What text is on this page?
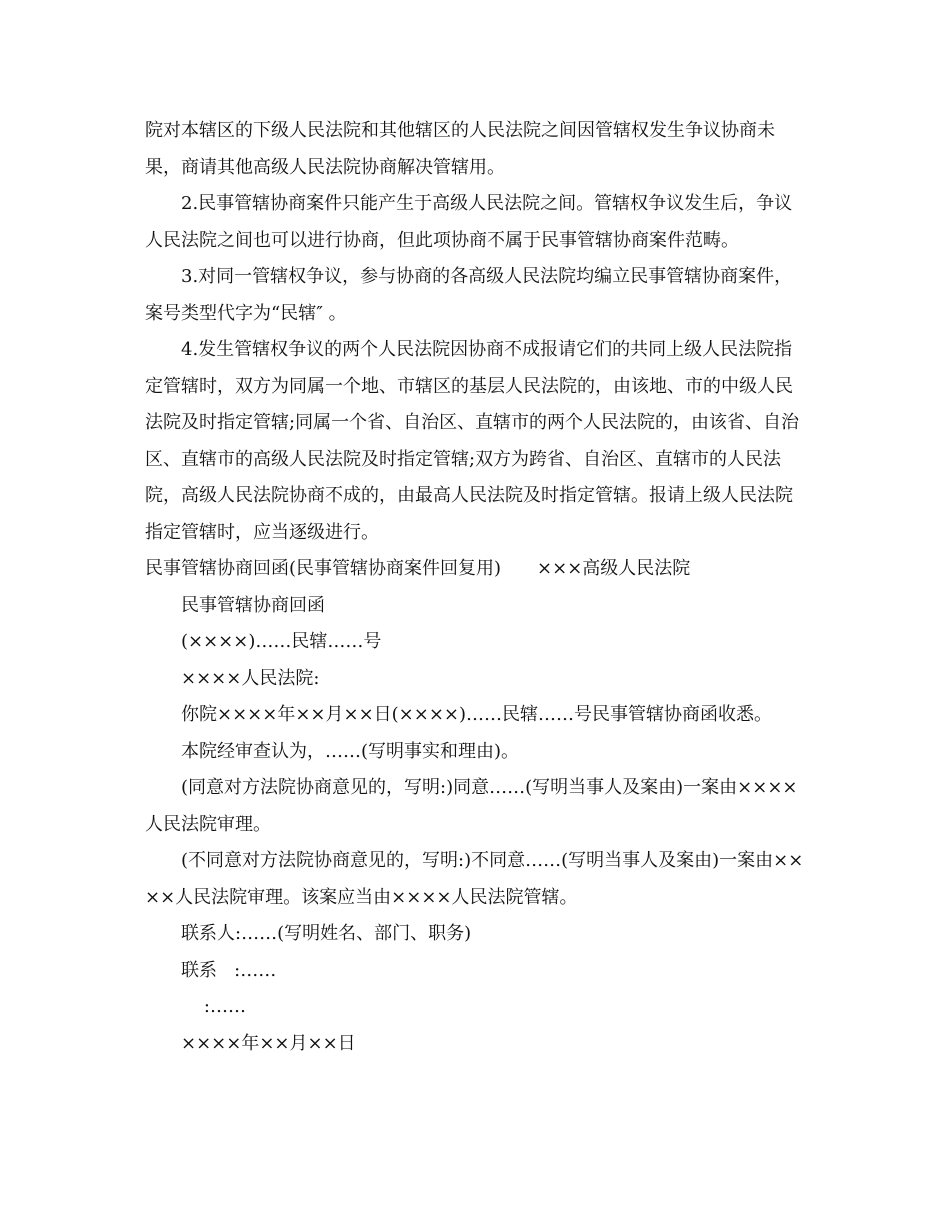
院对本辖区的下级人民法院和其他辖区的人民法院之间因管辖权发生争议协商未果，商请其他高级人民法院协商解决管辖用。

2.民事管辖协商案件只能产生于高级人民法院之间。管辖权争议发生后，争议人民法院之间也可以进行协商，但此项协商不属于民事管辖协商案件范畴。

3.对同一管辖权争议，参与协商的各高级人民法院均编立民事管辖协商案件，案号类型代字为“民辖″ 。

4.发生管辖权争议的两个人民法院因协商不成报请它们的共同上级人民法院指定管辖时，双方为同属一个地、市辖区的基层人民法院的，由该地、市的中级人民法院及时指定管辖;同属一个省、自治区、直辖市的两个人民法院的，由该省、自治区、直辖市的高级人民法院及时指定管辖;双方为跨省、自治区、直辖市的人民法院，高级人民法院协商不成的，由最高人民法院及时指定管辖。报请上级人民法院指定管辖时，应当逐级进行。

民事管辖协商回函(民事管辖协商案件回复用) ×××高级人民法院

民事管辖协商回函

(××××)……民辖……号

××××人民法院:

你院××××年××月××日(××××)……民辖……号民事管辖协商函收悉。

本院经审查认为，……(写明事实和理由)。

(同意对方法院协商意见的，写明:)同意……(写明当事人及案由)一案由××××人民法院审理。

(不同意对方法院协商意见的，写明:)不同意……(写明当事人及案由)一案由××××人民法院审理。该案应当由××××人民法院管辖。

联系人:……(写明姓名、部门、职务)

联系   :……

:……

××××年××月××日
